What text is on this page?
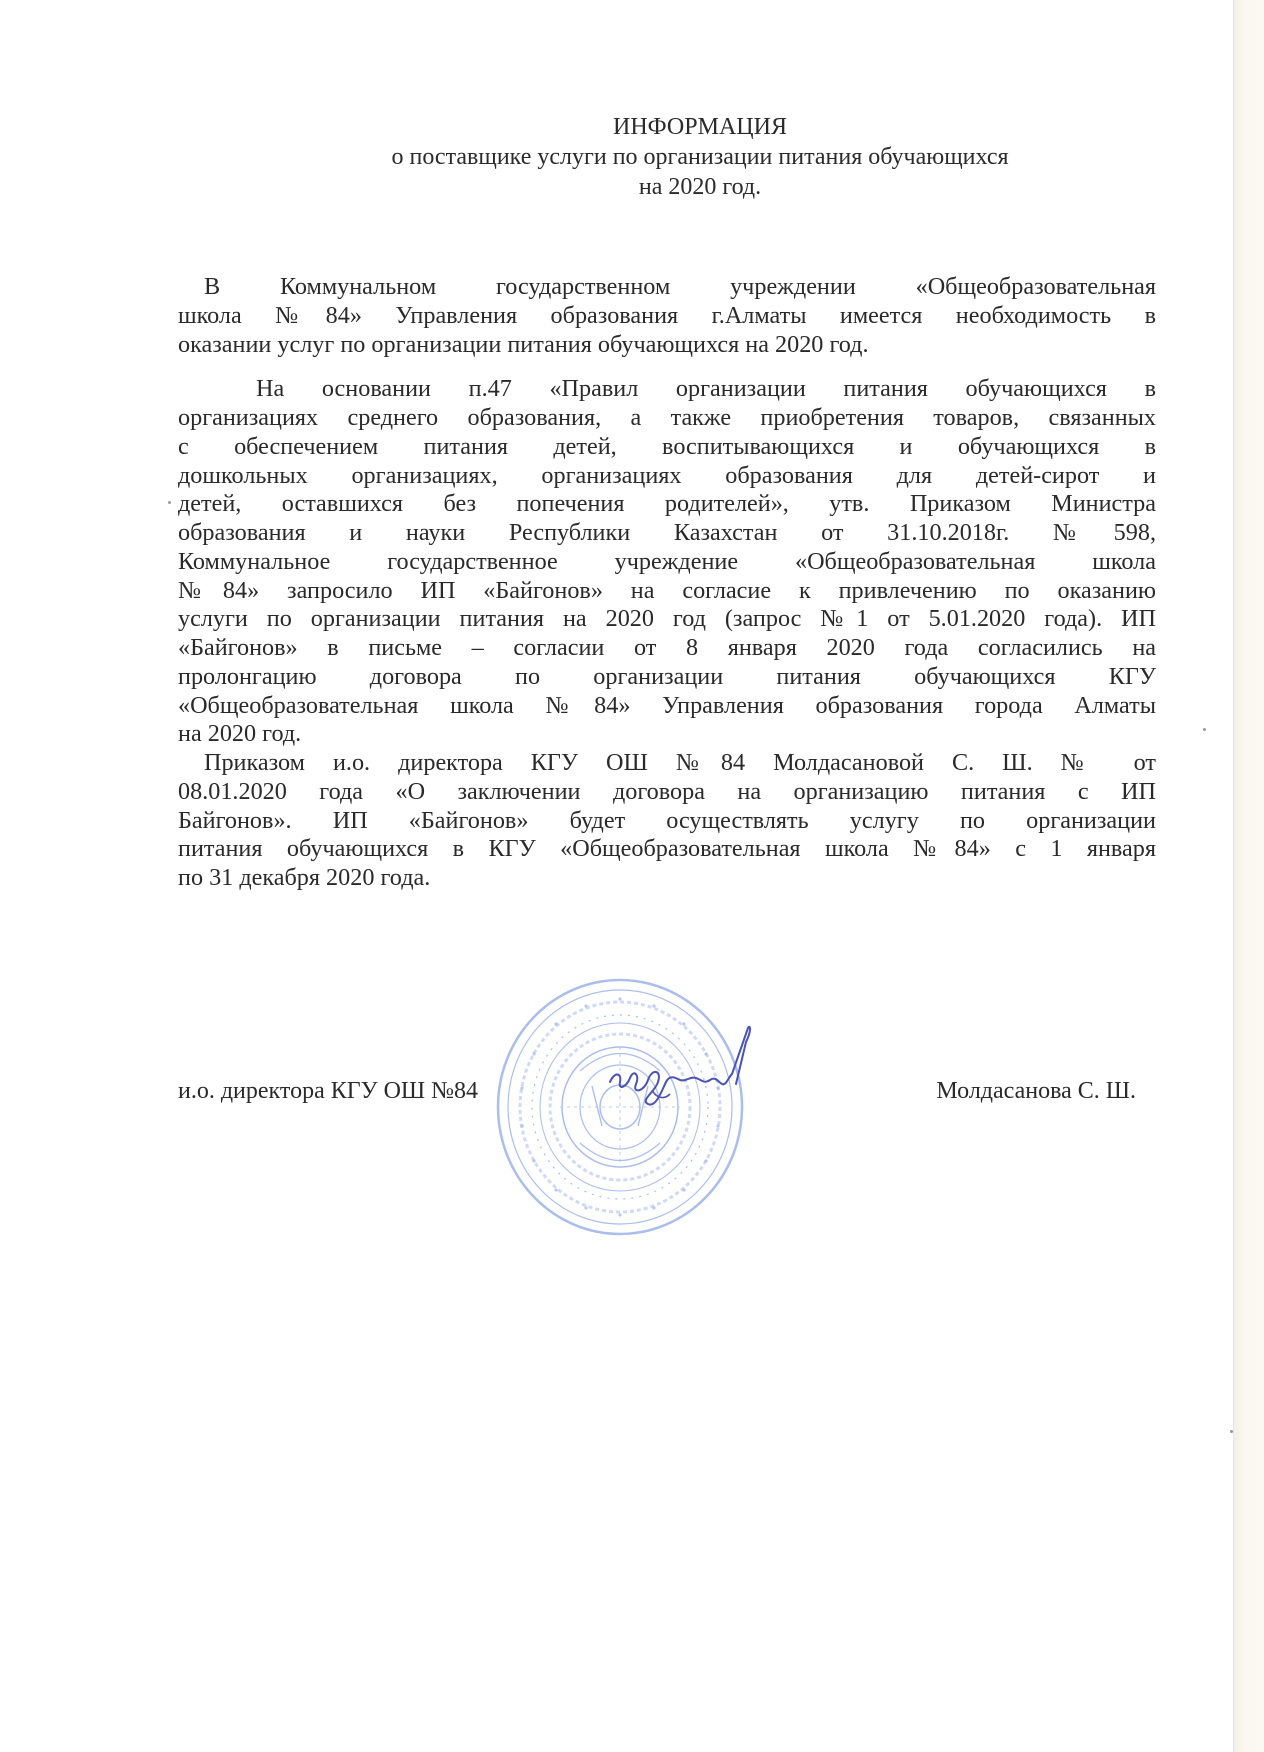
ИНФОРМАЦИЯ
о поставщике услуги по организации питания обучающихся
на 2020 год.
В Коммунальном государственном учреждении «Общеобразовательная
школа №84» Управления образования г.Алматы имеется необходимость в
оказании услуг по организации питания обучающихся на 2020 год.
На основании п.47 «Правил организации питания обучающихся в
организациях среднего образования, а также приобретения товаров, связанных
с обеспечением питания детей, воспитывающихся и обучающихся в
дошкольных организациях, организациях образования для детей-сирот и
детей, оставшихся без попечения родителей», утв. Приказом Министра
образования и науки Республики Казахстан от 31.10.2018г. №598,
Коммунальное государственное учреждение «Общеобразовательная школа
№84» запросило ИП «Байгонов» на согласие к привлечению по оказанию
услуги по организации питания на 2020 год (запрос №1 от 5.01.2020 года). ИП
«Байгонов» в письме – согласии от 8 января 2020 года согласились на
пролонгацию договора по организации питания обучающихся КГУ
«Общеобразовательная школа №84» Управления образования города Алматы
на 2020 год.
Приказом и.о. директора КГУ ОШ №84 Молдасановой С. Ш. № от
08.01.2020 года «О заключении договора на организацию питания с ИП
Байгонов». ИП «Байгонов» будет осуществлять услугу по организации
питания обучающихся в КГУ «Общеобразовательная школа №84» с 1 января
по 31 декабря 2020 года.
и.о. директора КГУ ОШ №84	Молдасанова С. Ш.
